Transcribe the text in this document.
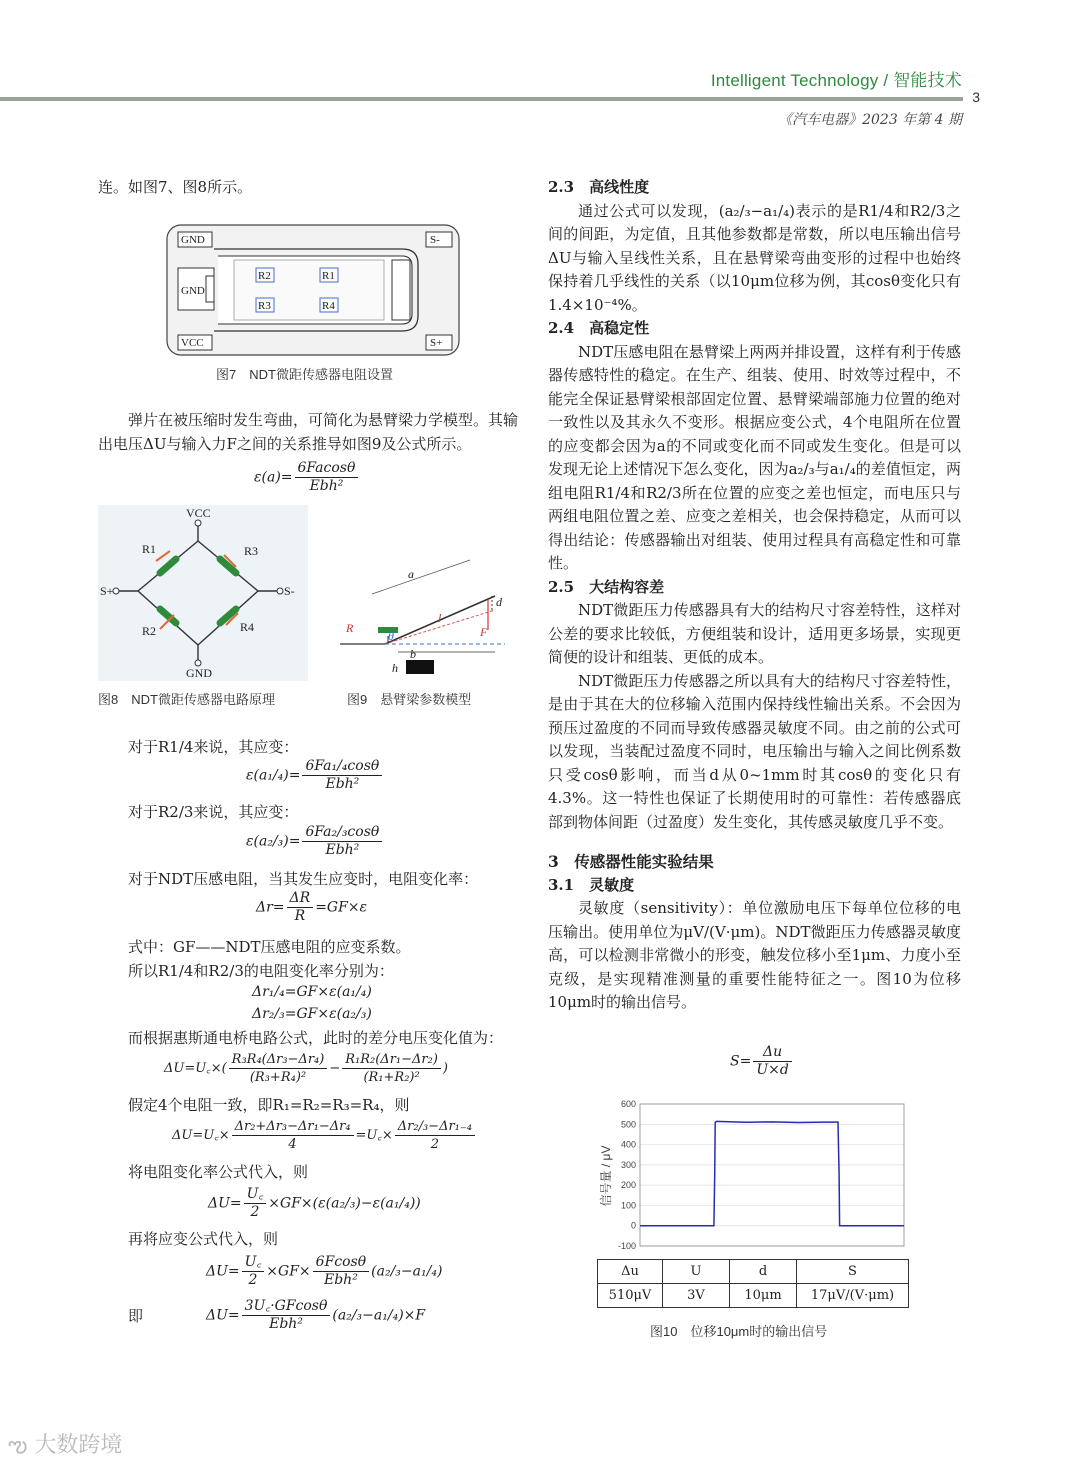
Intelligent Technology / 智能技术
3
《汽车电器》2023 年第 4 期

连。如图7、图8所示。

GND	S-
GND
R2	R1
R3	R4
VCC	S+
图7　NDT微距传感器电阻设置

弹片在被压缩时发生弯曲，可简化为悬臂梁力学模型。其输出电压ΔU与输入力F之间的关系推导如图9及公式所示。

$\varepsilon(a)= \frac{6Facos\theta}{\text{Ebh²}}$
VCC
R1	R3
S+	S-
R2	R4
GND
a
d
R
l
F
θ
b
h
图8　NDT微距传感器电路原理	图9　悬臂梁参数模型

对于R1/4来说，其应变：

$\varepsilon(a_1/_4)= \frac{\text{6Fa₁/₄cosθ}}{\text{Ebh²}}$

对于R2/3来说，其应变：

$\varepsilon(a_2/_3)= \frac{\text{6Fa₂/₃cosθ}}{\text{Ebh²}}$

对于NDT压感电阻，当其发生应变时，电阻变化率：

$\Delta r= \frac{\Delta R}{R} =GF\times\varepsilon$

式中：GF——NDT压感电阻的应变系数。

所以R1/4和R2/3的电阻变化率分别为：

Δr₁/₄=GF×ε(a₁/₄)
Δr₂/₃=GF×ε(a₂/₃)

而根据惠斯通电桥电路公式，此时的差分电压变化值为：

ΔU=U꜀×( $\frac{\text{R₃R₄(Δr₃−Δr₄)}}{\text{(R₃+R₄)²}} - \frac{\text{R₁R₂(Δr₁−Δr₂)}}{\text{(R₁+R₂)²}}$ )

假定4个电阻一致，即R₁=R₂=R₃=R₄，则

ΔU=U꜀× $\frac{\text{Δr₂+Δr₃−Δr₁−Δr₄}}{4}$ =U꜀× $\frac{\text{Δr₂/₃−Δr₁₋₄}}{2}$

将电阻变化率公式代入，则

$\Delta U= \frac{U꜀}{2} \times GF\times(\varepsilon(a_2/_3)-\varepsilon(a_1/_4))$

再将应变公式代入，则

$\Delta U= \frac{U꜀}{2} \times GF\times \frac{6Fcos\theta}{\text{Ebh²}} (a_2/_3-a_1/_4)$
即	$\Delta U= \frac{3U꜀\cdot GFcos\theta}{\text{Ebh²}} (a_2/_3-a_1/_4)\times F$

2.3　高线性度

通过公式可以发现，(a₂/₃−a₁/₄)表示的是R1/4和R2/3之间的间距，为定值，且其他参数都是常数，所以电压输出信号ΔU与输入呈线性关系，且在悬臂梁弯曲变形的过程中也始终保持着几乎线性的关系（以10μm位移为例，其cosθ变化只有1.4×10⁻⁴%。

2.4　高稳定性

NDT压感电阻在悬臂梁上两两并排设置，这样有利于传感器传感特性的稳定。在生产、组装、使用、时效等过程中，不能完全保证悬臂梁根部固定位置、悬臂梁端部施力位置的绝对一致性以及其永久不变形。根据应变公式，4个电阻所在位置的应变都会因为a的不同或变化而不同或发生变化。但是可以发现无论上述情况下怎么变化，因为a₂/₃与a₁/₄的差值恒定，两组电阻R1/4和R2/3所在位置的应变之差也恒定，而电压只与两组电阻位置之差、应变之差相关，也会保持稳定，从而可以得出结论：传感器输出对组装、使用过程具有高稳定性和可靠性。

2.5　大结构容差

NDT微距压力传感器具有大的结构尺寸容差特性，这样对公差的要求比较低，方便组装和设计，适用更多场景，实现更简便的设计和组装、更低的成本。

NDT微距压力传感器之所以具有大的结构尺寸容差特性，是由于其在大的位移输入范围内保持线性输出关系。不会因为预压过盈度的不同而导致传感器灵敏度不同。由之前的公式可以发现，当装配过盈度不同时，电压输出与输入之间比例系数只受cosθ影响，而当d从0~1mm时其cosθ的变化只有4.3%。这一特性也保证了长期使用时的可靠性：若传感器底部到物体间距（过盈度）发生变化，其传感灵敏度几乎不变。

3　传感器性能实验结果

3.1　灵敏度

灵敏度（sensitivity）：单位激励电压下每单位位移的电压输出。使用单位为μV/(V·μm)。NDT微距压力传感器灵敏度高，可以检测非常微小的形变，触发位移小至1μm、力度小至克级，是实现精准测量的重要性能特征之一。图10为位移10μm时的输出信号。

$S= \frac{\Delta u}{U\times d}$
信号量 / μV
-100
0
100
200
300
400
500
600
Δu	U	d	S
510μV	3V	10μm	17μV/(V·μm)
图10　位移10μm时的输出信号
ఌ 大数跨境
